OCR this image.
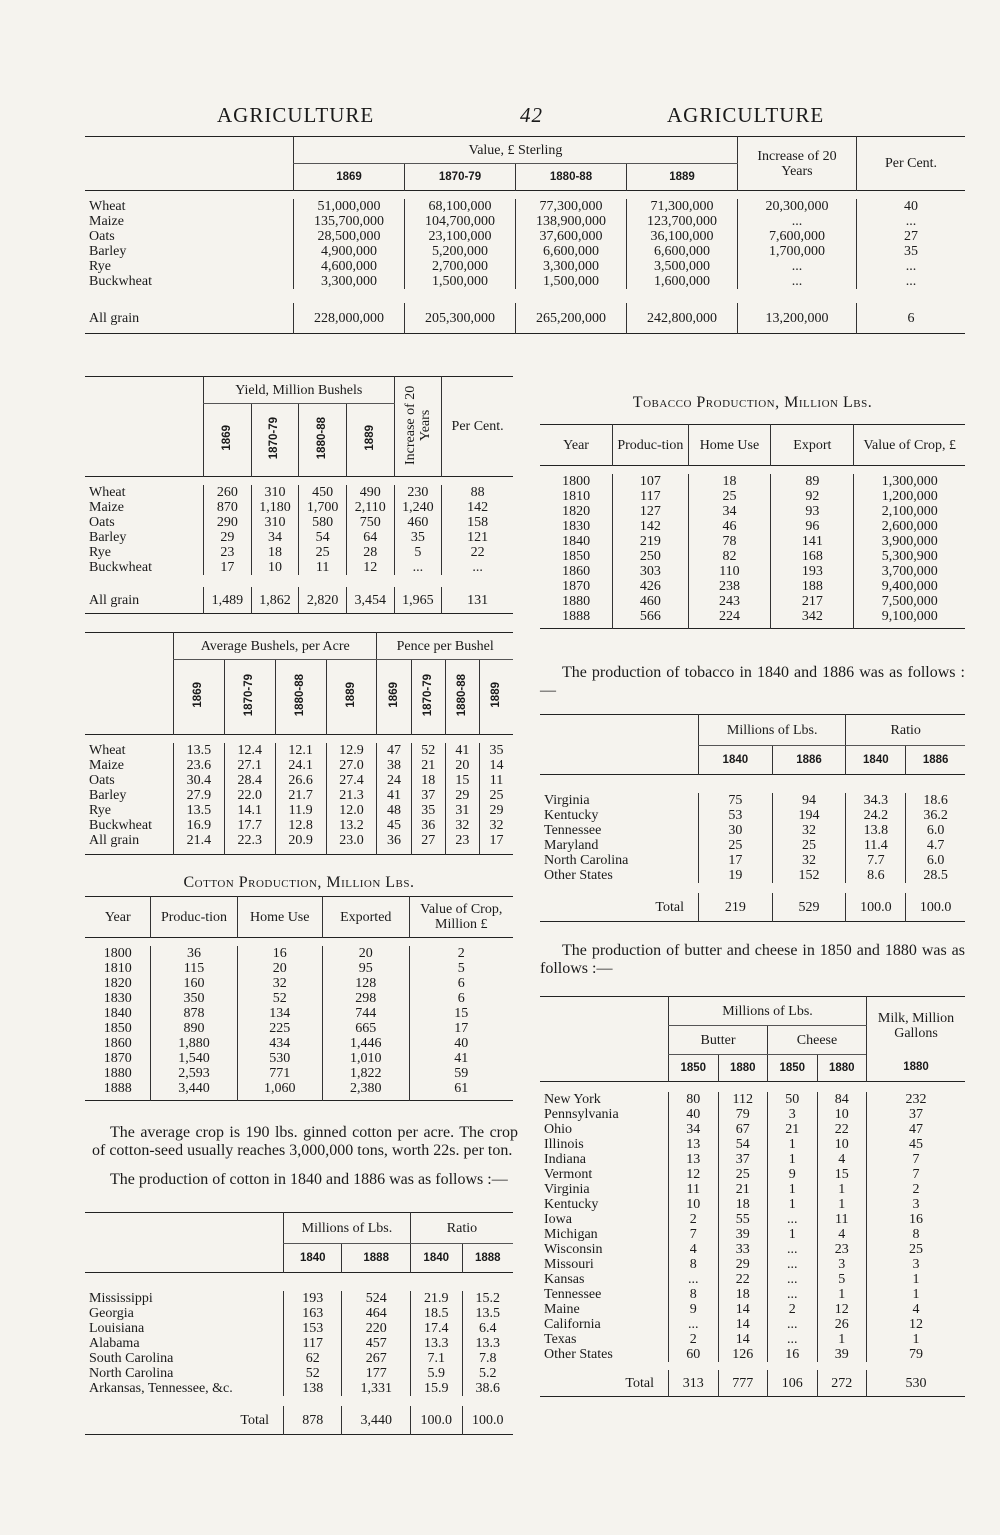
AGRICULTURE	42	AGRICULTURE
	Value, £ Sterling				Increase of 20 Years	Per Cent.
	1869	1870-79	1880-88	1889		

Wheat	51,000,000	68,100,000	77,300,000	71,300,000	20,300,000	40
Maize	135,700,000	104,700,000	138,900,000	123,700,000	...	...
Oats	28,500,000	23,100,000	37,600,000	36,100,000	7,600,000	27
Barley	4,900,000	5,200,000	6,600,000	6,600,000	1,700,000	35
Rye	4,600,000	2,700,000	3,300,000	3,500,000	...	...
Buckwheat	3,300,000	1,500,000	1,500,000	1,600,000	...	...

All grain	228,000,000	205,300,000	265,200,000	242,800,000	13,200,000	6
	Yield, Million Bushels				Increase of 20 Years	Per Cent.
	1869	1870-79	1880-88	1889		

Wheat	260	310	450	490	230	88
Maize	870	1,180	1,700	2,110	1,240	142
Oats	290	310	580	750	460	158
Barley	29	34	54	64	35	121
Rye	23	18	25	28	5	22
Buckwheat	17	10	11	12	...	...

All grain	1,489	1,862	2,820	3,454	1,965	131
	Average Bushels, per Acre				Pence per Bushel			
	1869	1870-79	1880-88	1889	1869	1870-79	1880-88	1889

Wheat	13.5	12.4	12.1	12.9	47	52	41	35
Maize	23.6	27.1	24.1	27.0	38	21	20	14
Oats	30.4	28.4	26.6	27.4	24	18	15	11
Barley	27.9	22.0	21.7	21.3	41	37	29	25
Rye	13.5	14.1	11.9	12.0	48	35	31	29
Buckwheat	16.9	17.7	12.8	13.2	45	36	32	32
All grain	21.4	22.3	20.9	23.0	36	27	23	17
Cotton Production, Million Lbs.
Year	Produc-tion	Home Use	Exported	Value of Crop, Million £

1800	36	16	20	2
1810	115	20	95	5
1820	160	32	128	6
1830	350	52	298	6
1840	878	134	744	15
1850	890	225	665	17
1860	1,880	434	1,446	40
1870	1,540	530	1,010	41
1880	2,593	771	1,822	59
1888	3,440	1,060	2,380	61
The average crop is 190 lbs. ginned cotton per acre. The crop of cotton-seed usually reaches 3,000,000 tons, worth 22s. per ton.
The production of cotton in 1840 and 1886 was as follows :—
	Millions of Lbs.		Ratio	
	1840	1888	1840	1888

Mississippi	193	524	21.9	15.2
Georgia	163	464	18.5	13.5
Louisiana	153	220	17.4	6.4
Alabama	117	457	13.3	13.3
South Carolina	62	267	7.1	7.8
North Carolina	52	177	5.9	5.2
Arkansas, Tennessee, &c.	138	1,331	15.9	38.6

Total	878	3,440	100.0	100.0
Tobacco Production, Million Lbs.
Year	Produc-tion	Home Use	Export	Value of Crop, £

1800	107	18	89	1,300,000
1810	117	25	92	1,200,000
1820	127	34	93	2,100,000
1830	142	46	96	2,600,000
1840	219	78	141	3,900,000
1850	250	82	168	5,300,900
1860	303	110	193	3,700,000
1870	426	238	188	9,400,000
1880	460	243	217	7,500,000
1888	566	224	342	9,100,000
The production of tobacco in 1840 and 1886 was as follows :—
	Millions of Lbs.		Ratio	
	1840	1886	1840	1886

Virginia	75	94	34.3	18.6
Kentucky	53	194	24.2	36.2
Tennessee	30	32	13.8	6.0
Maryland	25	25	11.4	4.7
North Carolina	17	32	7.7	6.0
Other States	19	152	8.6	28.5

Total	219	529	100.0	100.0
The production of butter and cheese in 1850 and 1880 was as follows :—
	Millions of Lbs.				Milk, Million Gallons
	Butter		Cheese		
	1850	1880	1850	1880	1880

New York	80	112	50	84	232
Pennsylvania	40	79	3	10	37
Ohio	34	67	21	22	47
Illinois	13	54	1	10	45
Indiana	13	37	1	4	7
Vermont	12	25	9	15	7
Virginia	11	21	1	1	2
Kentucky	10	18	1	1	3
Iowa	2	55	...	11	16
Michigan	7	39	1	4	8
Wisconsin	4	33	...	23	25
Missouri	8	29	...	3	3
Kansas	...	22	...	5	1
Tennessee	8	18	...	1	1
Maine	9	14	2	12	4
California	...	14	...	26	12
Texas	2	14	...	1	1
Other States	60	126	16	39	79

Total	313	777	106	272	530
